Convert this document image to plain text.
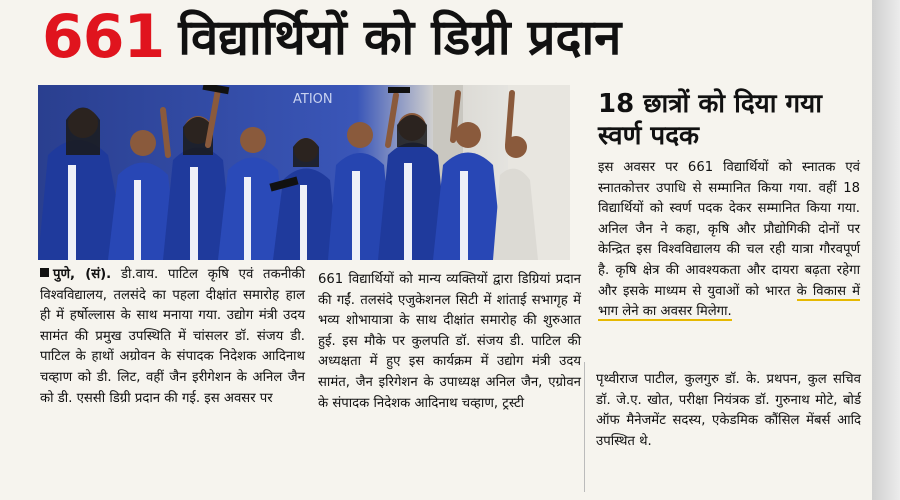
661 विद्यार्थियों को डिग्री प्रदान
ATION	18 छात्रों को दिया गया स्वर्ण पदक
इस अवसर पर 661 विद्यार्थियों को स्नातक एवं स्नातकोत्तर उपाधि से सम्मानित किया गया. वहीं 18 विद्यार्थियों को स्वर्ण पदक देकर सम्मानित किया गया. अनिल जैन ने कहा, कृषि और प्रौद्योगिकी दोनों पर केन्द्रित इस विश्वविद्यालय की चल रही यात्रा गौरवपूर्ण है. कृषि क्षेत्र की आवश्यकता और दायरा बढ़ता रहेगा और इसके माध्यम से युवाओं को भारत के विकास में भाग लेने का अवसर मिलेगा.
पुणे, (सं). डी.वाय. पाटिल कृषि एवं तकनीकी विश्वविद्यालय, तलसंदे का पहला दीक्षांत समारोह हाल ही में हर्षोल्लास के साथ मनाया गया. उद्योग मंत्री उदय सामंत की प्रमुख उपस्थिति में चांसलर डॉ. संजय डी. पाटिल के हाथों अग्रोवन के संपादक निदेशक आदिनाथ चव्हाण को डी. लिट, वहीं जैन इरीगेशन के अनिल जैन को डी. एससी डिग्री प्रदान की गई. इस अवसर पर
661 विद्यार्थियों को मान्य व्यक्तियों द्वारा डिग्रियां प्रदान की गईं. तलसंदे एजुकेशनल सिटी में शांताई सभागृह में भव्य शोभायात्रा के साथ दीक्षांत समारोह की शुरुआत हुई. इस मौके पर कुलपति डॉ. संजय डी. पाटिल की अध्यक्षता में हुए इस कार्यक्रम में उद्योग मंत्री उदय सामंत, जैन इरिगेशन के उपाध्यक्ष अनिल जैन, एग्रोवन के संपादक निदेशक आदिनाथ चव्हाण, ट्रस्टी
पृथ्वीराज पाटील, कुलगुरु डॉ. के. प्रथपन, कुल सचिव डॉ. जे.ए. खोत, परीक्षा नियंत्रक डॉ. गुरुनाथ मोटे, बोर्ड ऑफ मैनेजमेंट सदस्य, एकेडमिक कौंसिल मेंबर्स आदि उपस्थित थे.
